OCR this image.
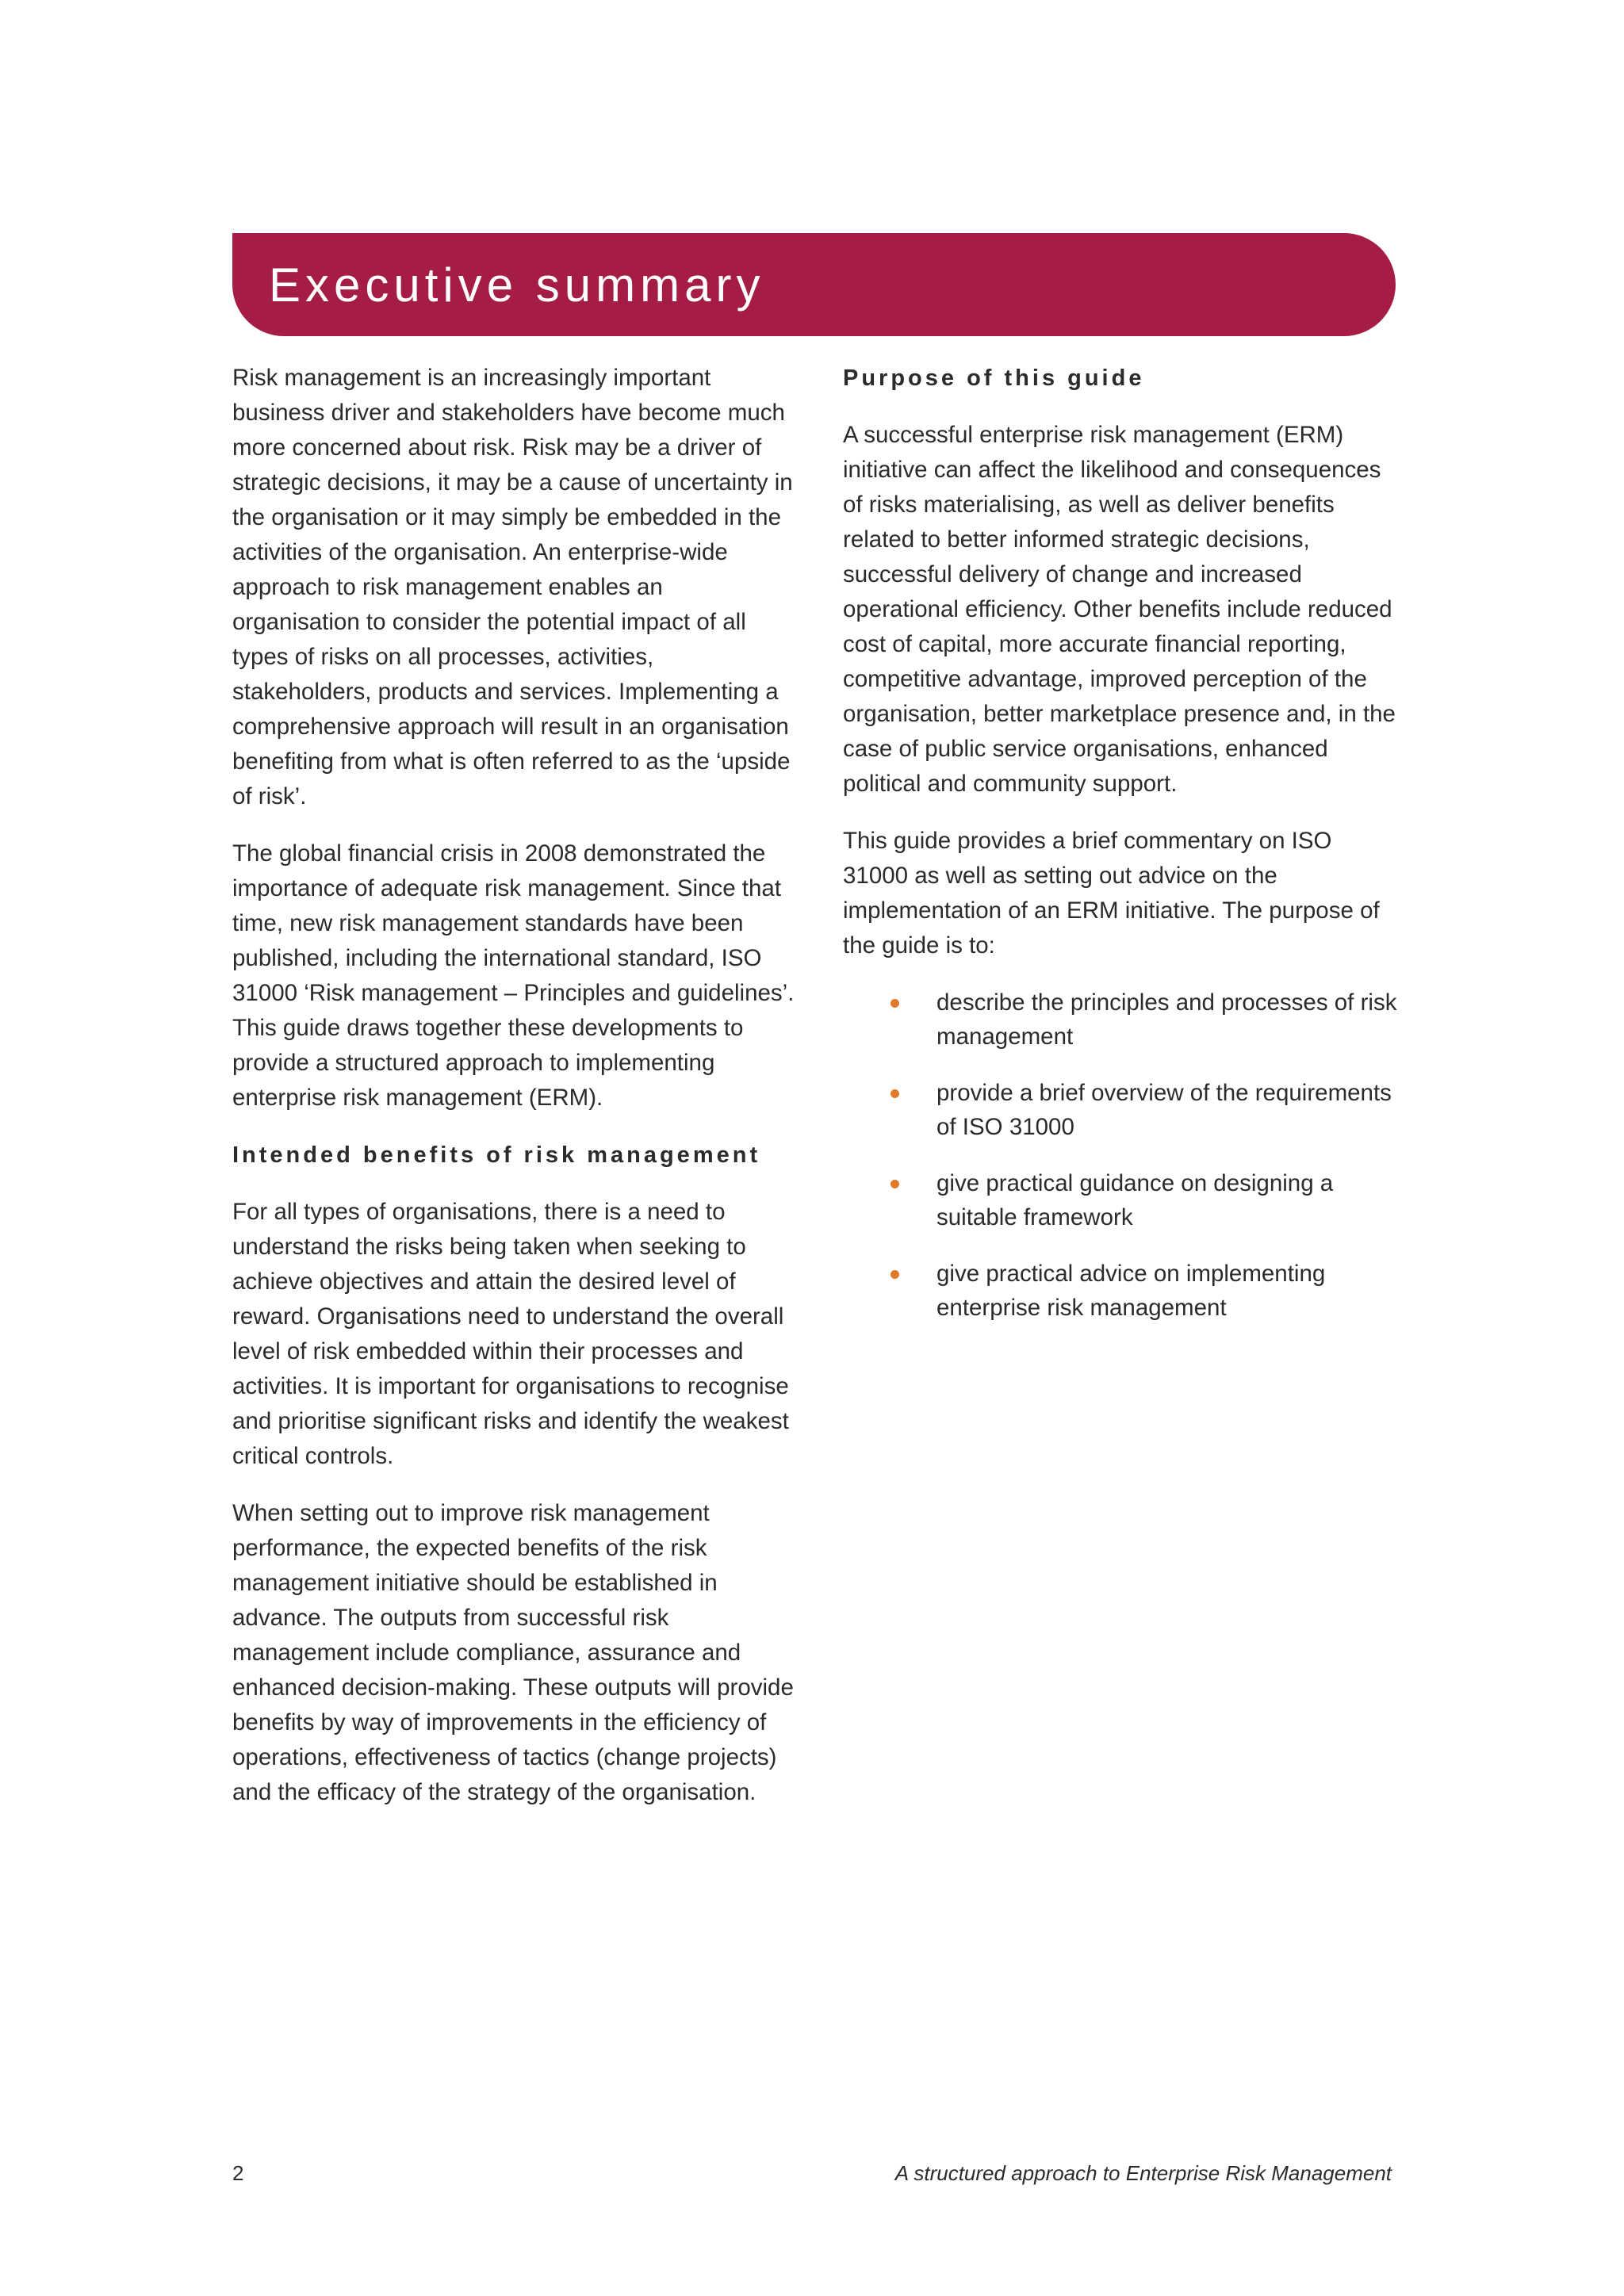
Executive summary

Risk management is an increasingly important business driver and stakeholders have become much more concerned about risk. Risk may be a driver of strategic decisions, it may be a cause of uncertainty in the organisation or it may simply be embedded in the activities of the organisation. An enterprise-wide approach to risk management enables an organisation to consider the potential impact of all types of risks on all processes, activities, stakeholders, products and services. Implementing a comprehensive approach will result in an organisation benefiting from what is often referred to as the ‘upside of risk’.

The global financial crisis in 2008 demonstrated the importance of adequate risk management. Since that time, new risk management standards have been published, including the international standard, ISO 31000 ‘Risk management – Principles and guidelines’. This guide draws together these developments to provide a structured approach to implementing enterprise risk management (ERM).

Intended benefits of risk management

For all types of organisations, there is a need to understand the risks being taken when seeking to achieve objectives and attain the desired level of reward. Organisations need to understand the overall level of risk embedded within their processes and activities. It is important for organisations to recognise and prioritise significant risks and identify the weakest critical controls.

When setting out to improve risk management performance, the expected benefits of the risk management initiative should be established in advance. The outputs from successful risk management include compliance, assurance and enhanced decision-making. These outputs will provide benefits by way of improvements in the efficiency of operations, effectiveness of tactics (change projects) and the efficacy of the strategy of the organisation.

Purpose of this guide

A successful enterprise risk management (ERM) initiative can affect the likelihood and consequences of risks materialising, as well as deliver benefits related to better informed strategic decisions, successful delivery of change and increased operational efficiency. Other benefits include reduced cost of capital, more accurate financial reporting, competitive advantage, improved perception of the organisation, better marketplace presence and, in the case of public service organisations, enhanced political and community support.

This guide provides a brief commentary on ISO 31000 as well as setting out advice on the implementation of an ERM initiative. The purpose of the guide is to:

describe the principles and processes of risk management
provide a brief overview of the requirements of ISO 31000
give practical guidance on designing a suitable framework
give practical advice on implementing enterprise risk management
2	A structured approach to Enterprise Risk Management
